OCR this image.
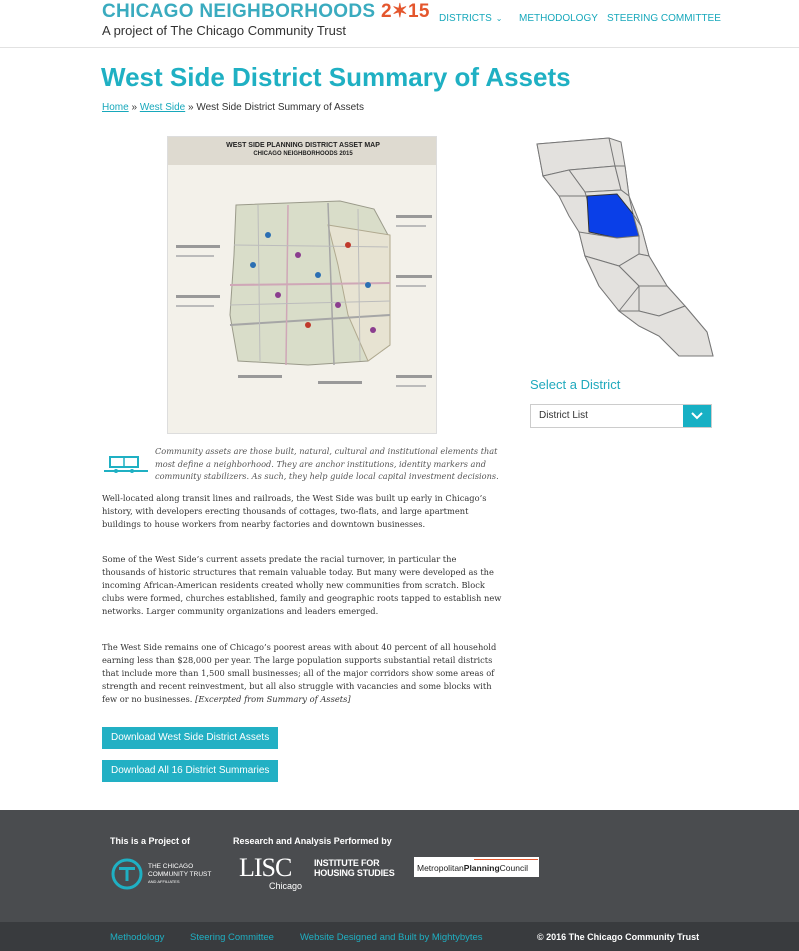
CHICAGO NEIGHBORHOODS 2✶15
A project of The Chicago Community Trust
DISTRICTS ⌄ METHODOLOGY STEERING COMMITTEE
West Side District Summary of Assets
Home » West Side » West Side District Summary of Assets
WEST SIDE PLANNING DISTRICT ASSET MAP
CHICAGO NEIGHBORHOODS 2015

Community assets are those built, natural, cultural and institutional elements that most define a neighborhood. They are anchor institutions, identity markers and community stabilizers. As such, they help guide local capital investment decisions.

Well-located along transit lines and railroads, the West Side was built up early in Chicago’s history, with developers erecting thousands of cottages, two-flats, and large apartment buildings to house workers from nearby factories and downtown businesses.

Some of the West Side’s current assets predate the racial turnover, in particular the thousands of historic structures that remain valuable today. But many were developed as the incoming African-American residents created wholly new communities from scratch. Block clubs were formed, churches established, family and geographic roots tapped to establish new networks. Larger community organizations and leaders emerged.

The West Side remains one of Chicago’s poorest areas with about 40 percent of all household earning less than $28,000 per year. The large population supports substantial retail districts that include more than 1,500 small businesses; all of the major corridors show some areas of strength and recent reinvestment, but all also struggle with vacancies and some blocks with few or no businesses. [Excerpted from Summary of Assets]

Download West Side District Assets
Download All 16 District Summaries
Select a District
District List
This is a Project of	Research and Analysis Performed by
THE CHICAGO
COMMUNITY TRUST
AND AFFILIATES	LISC
Chicago
INSTITUTE FOR
HOUSING STUDIES	MetropolitanPlanningCouncil
Methodology	Steering Committee	Website Designed and Built by Mightybytes	© 2016 The Chicago Community Trust
